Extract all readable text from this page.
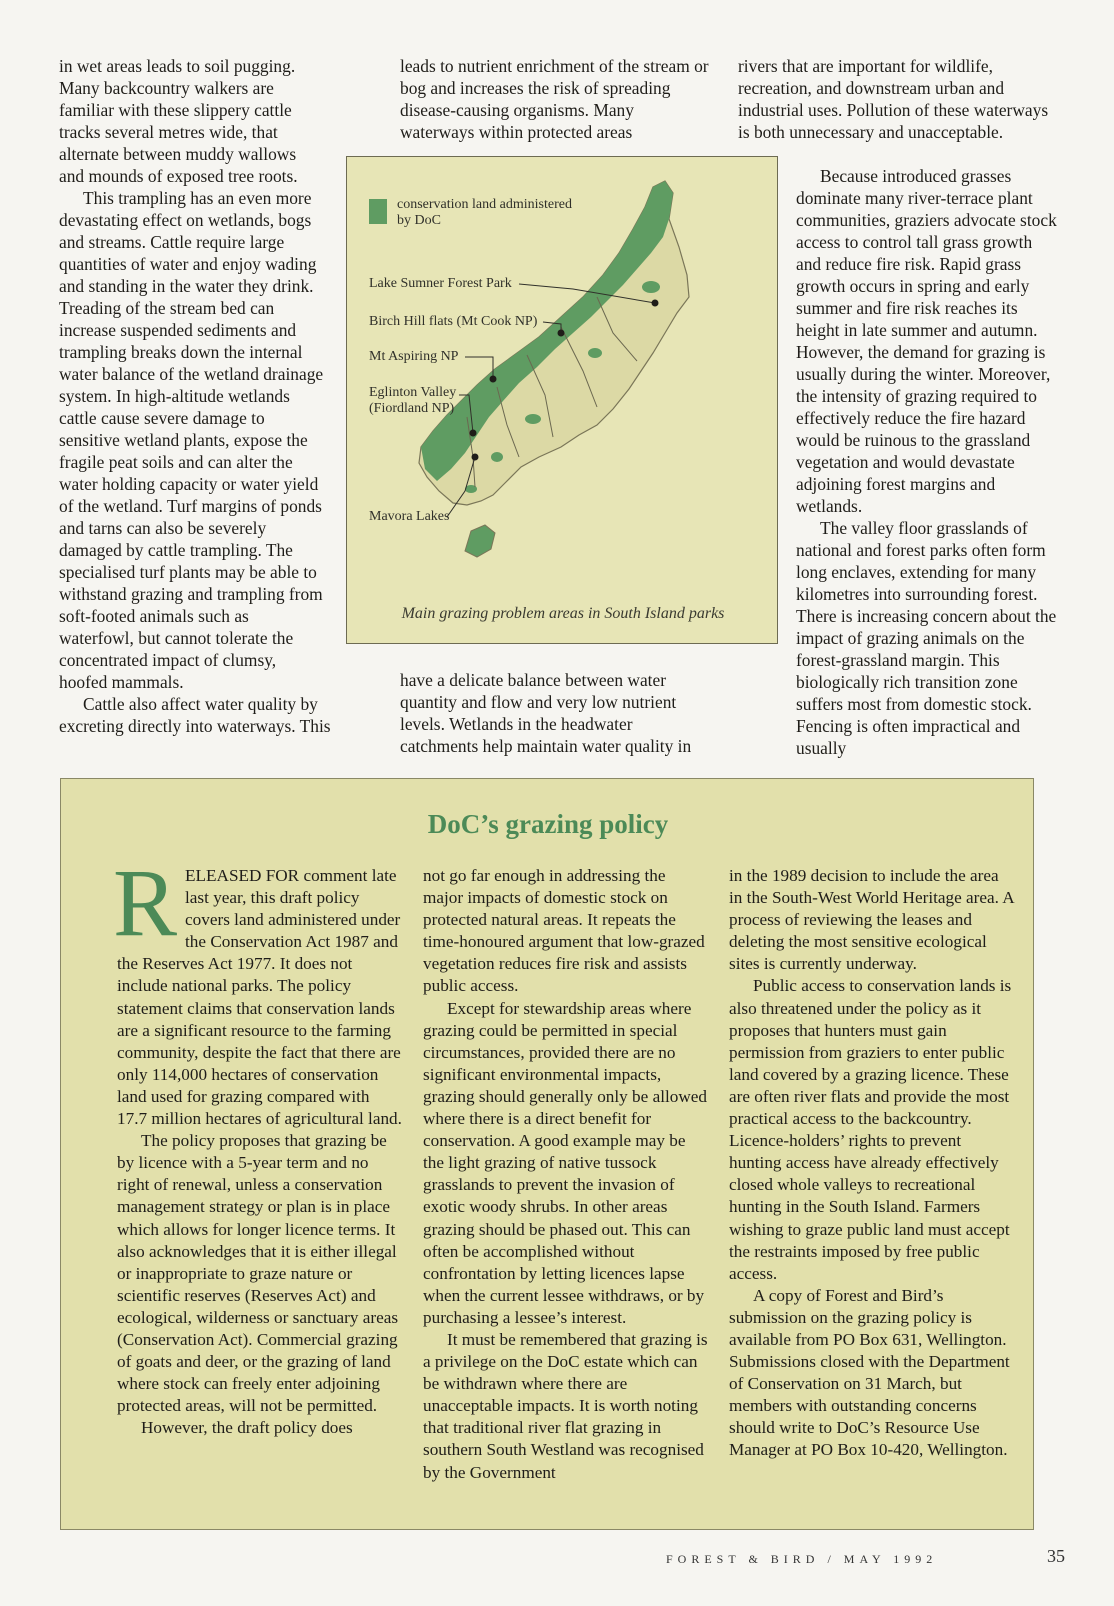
in wet areas leads to soil pugging. Many backcountry walkers are familiar with these slippery cattle tracks several metres wide, that alternate between muddy wallows and mounds of exposed tree roots.

This trampling has an even more devastating effect on wetlands, bogs and streams. Cattle require large quantities of water and enjoy wading and standing in the water they drink. Treading of the stream bed can increase suspended sediments and trampling breaks down the internal water balance of the wetland drainage system. In high-altitude wetlands cattle cause severe damage to sensitive wetland plants, expose the fragile peat soils and can alter the water holding capacity or water yield of the wetland. Turf margins of ponds and tarns can also be severely damaged by cattle trampling. The specialised turf plants may be able to withstand grazing and trampling from soft-footed animals such as waterfowl, but cannot tolerate the concentrated impact of clumsy, hoofed mammals.

Cattle also affect water quality by excreting directly into waterways. This

leads to nutrient enrichment of the stream or bog and increases the risk of spreading disease-causing organisms. Many waterways within protected areas

have a delicate balance between water quantity and flow and very low nutrient levels. Wetlands in the headwater catchments help maintain water quality in

rivers that are important for wildlife, recreation, and downstream urban and industrial uses. Pollution of these waterways is both unnecessary and unacceptable.

Because introduced grasses dominate many river-terrace plant communities, graziers advocate stock access to control tall grass growth and reduce fire risk. Rapid grass growth occurs in spring and early summer and fire risk reaches its height in late summer and autumn. However, the demand for grazing is usually during the winter. Moreover, the intensity of grazing required to effectively reduce the fire hazard would be ruinous to the grassland vegetation and would devastate adjoining forest margins and wetlands.

The valley floor grasslands of national and forest parks often form long enclaves, extending for many kilometres into surrounding forest. There is increasing concern about the impact of grazing animals on the forest-grassland margin. This biologically rich transition zone suffers most from domestic stock. Fencing is often impractical and usually

conservation land administered by DoC
Lake Sumner Forest Park
Birch Hill flats (Mt Cook NP)
Mt Aspiring NP
Eglinton Valley
(Fiordland NP)
Mavora Lakes
Main grazing problem areas in South Island parks
DoC’s grazing policy

RELEASED FOR comment late last year, this draft policy covers land administered under the Conservation Act 1987 and the Reserves Act 1977. It does not include national parks. The policy statement claims that conservation lands are a significant resource to the farming community, despite the fact that there are only 114,000 hectares of conservation land used for grazing compared with 17.7 million hectares of agricultural land.

The policy proposes that grazing be by licence with a 5-year term and no right of renewal, unless a conservation management strategy or plan is in place which allows for longer licence terms. It also acknowledges that it is either illegal or inappropriate to graze nature or scientific reserves (Reserves Act) and ecological, wilderness or sanctuary areas (Conservation Act). Commercial grazing of goats and deer, or the grazing of land where stock can freely enter adjoining protected areas, will not be permitted.

However, the draft policy does

not go far enough in addressing the major impacts of domestic stock on protected natural areas. It repeats the time-honoured argument that low-grazed vegetation reduces fire risk and assists public access.

Except for stewardship areas where grazing could be permitted in special circumstances, provided there are no significant environmental impacts, grazing should generally only be allowed where there is a direct benefit for conservation. A good example may be the light grazing of native tussock grasslands to prevent the invasion of exotic woody shrubs. In other areas grazing should be phased out. This can often be accomplished without confrontation by letting licences lapse when the current lessee withdraws, or by purchasing a lessee’s interest.

It must be remembered that grazing is a privilege on the DoC estate which can be withdrawn where there are unacceptable impacts. It is worth noting that traditional river flat grazing in southern South Westland was recognised by the Government

in the 1989 decision to include the area in the South-West World Heritage area. A process of reviewing the leases and deleting the most sensitive ecological sites is currently underway.

Public access to conservation lands is also threatened under the policy as it proposes that hunters must gain permission from graziers to enter public land covered by a grazing licence. These are often river flats and provide the most practical access to the backcountry. Licence-holders’ rights to prevent hunting access have already effectively closed whole valleys to recreational hunting in the South Island. Farmers wishing to graze public land must accept the restraints imposed by free public access.

A copy of Forest and Bird’s submission on the grazing policy is available from PO Box 631, Wellington. Submissions closed with the Department of Conservation on 31 March, but members with outstanding concerns should write to DoC’s Resource Use Manager at PO Box 10-420, Wellington.

FOREST & BIRD / MAY 1992	35
